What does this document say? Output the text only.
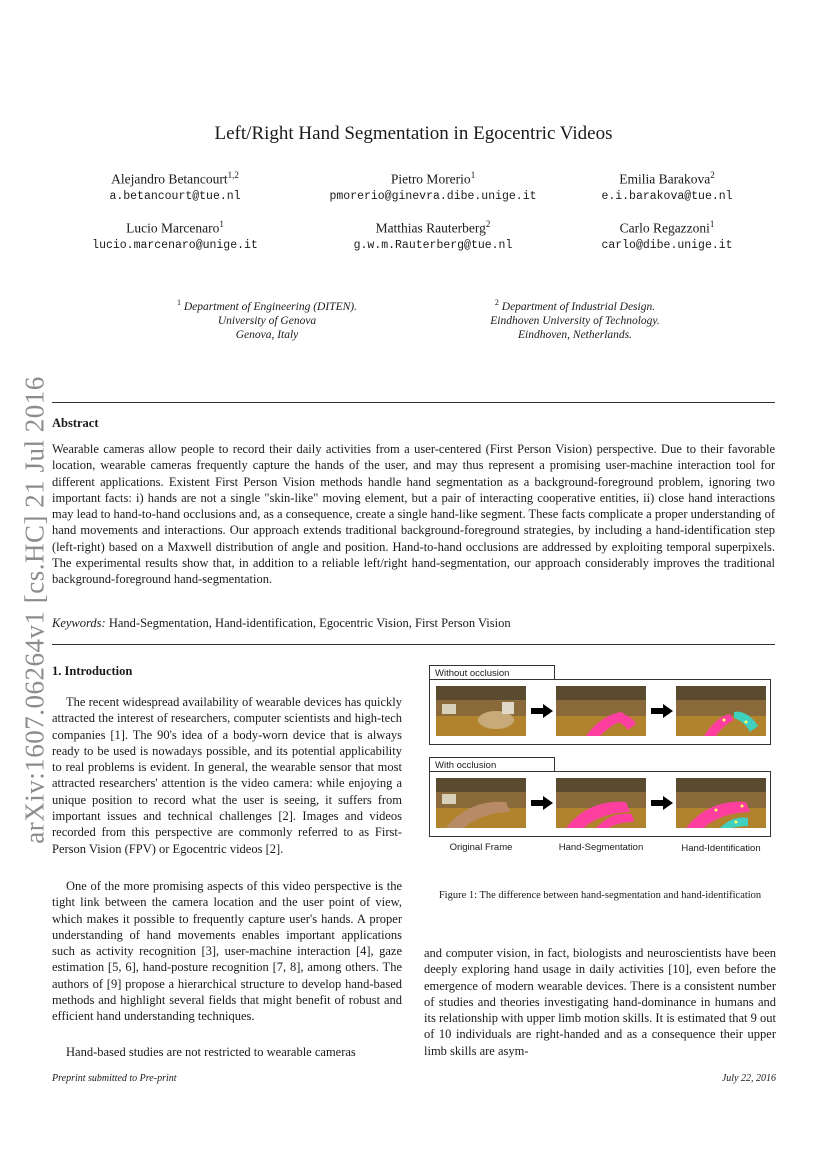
arXiv:1607.06264v1 [cs.HC] 21 Jul 2016
Left/Right Hand Segmentation in Egocentric Videos
Alejandro Betancourt$^{1,2}$
a.betancourt@tue.nl
Pietro Morerio$^1$
pmorerio@ginevra.dibe.unige.it
Emilia Barakova$^2$
e.i.barakova@tue.nl
Lucio Marcenaro$^1$
lucio.marcenaro@unige.it
Matthias Rauterberg$^2$
g.w.m.Rauterberg@tue.nl
Carlo Regazzoni$^1$
carlo@dibe.unige.it
$^1$ Department of Engineering (DITEN).
University of Genova
Genova, Italy
$^2$ Department of Industrial Design.
Eindhoven University of Technology.
Eindhoven, Netherlands.
Abstract
Wearable cameras allow people to record their daily activities from a user-centered (First Person Vision) perspective. Due to their favorable location, wearable cameras frequently capture the hands of the user, and may thus represent a promising user-machine interaction tool for different applications. Existent First Person Vision methods handle hand segmentation as a background-foreground problem, ignoring two important facts: i) hands are not a single "skin-like" moving element, but a pair of interacting cooperative entities, ii) close hand interactions may lead to hand-to-hand occlusions and, as a consequence, create a single hand-like segment. These facts complicate a proper understanding of hand movements and interactions. Our approach extends traditional background-foreground strategies, by including a hand-identification step (left-right) based on a Maxwell distribution of angle and position. Hand-to-hand occlusions are addressed by exploiting temporal superpixels. The experimental results show that, in addition to a reliable left/right hand-segmentation, our approach considerably improves the traditional background-foreground hand-segmentation.
Keywords: Hand-Segmentation, Hand-identification, Egocentric Vision, First Person Vision
1. Introduction
The recent widespread availability of wearable devices has quickly attracted the interest of researchers, computer scientists and high-tech companies [1]. The 90's idea of a body-worn device that is always ready to be used is nowadays possible, and its potential applicability to real problems is evident. In general, the wearable sensor that most attracted researchers' attention is the video camera: while enjoying a unique position to record what the user is seeing, it suffers from important issues and technical challenges [2]. Images and videos recorded from this perspective are commonly referred to as First-Person Vision (FPV) or Egocentric videos [2].
One of the more promising aspects of this video perspective is the tight link between the camera location and the user point of view, which makes it possible to frequently capture user's hands. A proper understanding of hand movements enables important applications such as activity recognition [3], user-machine interaction [4], gaze estimation [5, 6], hand-posture recognition [7, 8], among others. The authors of [9] propose a hierarchical structure to develop hand-based methods and highlight several fields that might benefit of robust and efficient hand understanding techniques.
Hand-based studies are not restricted to wearable cameras
Without occlusion
With occlusion
Original Frame	Hand-Segmentation	Hand-Identification
Figure 1: The difference between hand-segmentation and hand-identification
and computer vision, in fact, biologists and neuroscientists have been deeply exploring hand usage in daily activities [10], even before the emergence of modern wearable devices. There is a consistent number of studies and theories investigating hand-dominance in humans and its relationship with upper limb motion skills. It is estimated that 9 out of 10 individuals are right-handed and as a consequence their upper limb skills are asym-
Preprint submitted to Pre-print	July 22, 2016
